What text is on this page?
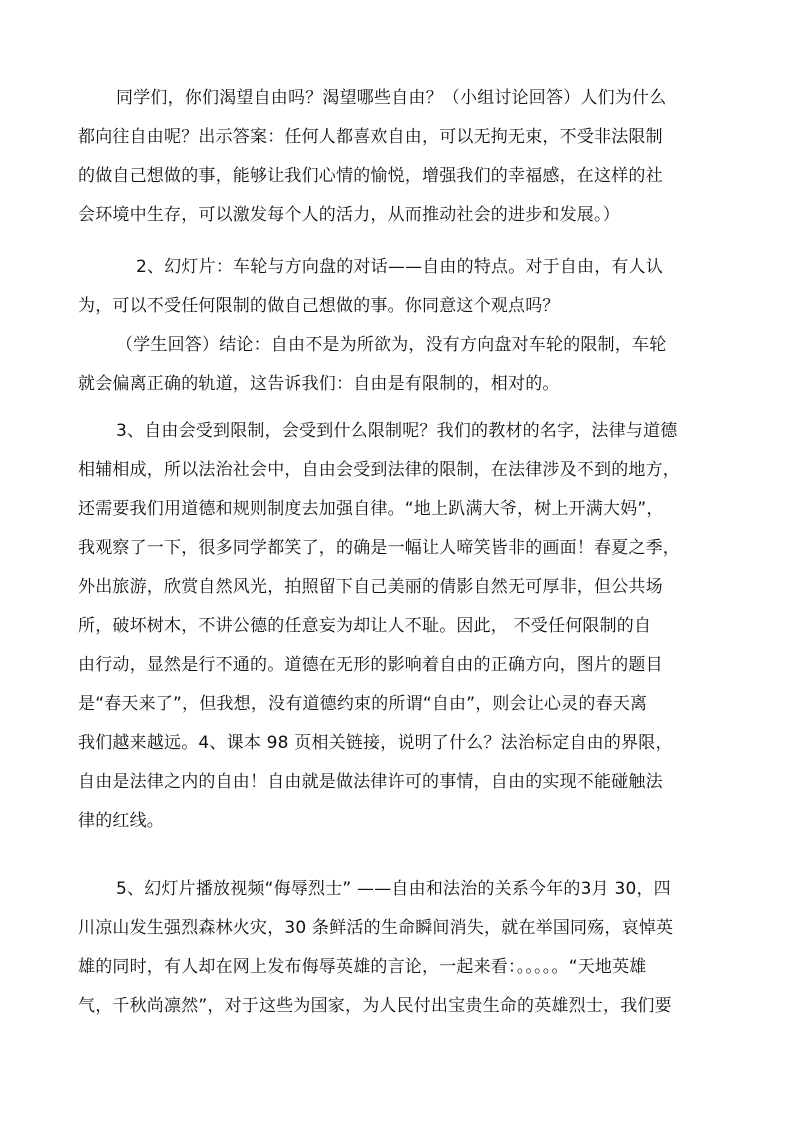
同学们，你们渴望自由吗？渴望哪些自由？（小组讨论回答）人们为什么
都向往自由呢？出示答案：任何人都喜欢自由，可以无拘无束，不受非法限制
的做自己想做的事，能够让我们心情的愉悦，增强我们的幸福感，在这样的社
会环境中生存，可以激发每个人的活力，从而推动社会的进步和发展。）
2、幻灯片：车轮与方向盘的对话——自由的特点。对于自由，有人认
为，可以不受任何限制的做自己想做的事。你同意这个观点吗？
（学生回答）结论：自由不是为所欲为，没有方向盘对车轮的限制，车轮
就会偏离正确的轨道，这告诉我们：自由是有限制的，相对的。
3、自由会受到限制，会受到什么限制呢？我们的教材的名字，法律与道德
相辅相成，所以法治社会中，自由会受到法律的限制，在法律涉及不到的地方，
还需要我们用道德和规则制度去加强自律。“地上趴满大爷，树上开满大妈”，
我观察了一下，很多同学都笑了，的确是一幅让人啼笑皆非的画面！春夏之季，
外出旅游，欣赏自然风光，拍照留下自己美丽的倩影自然无可厚非，但公共场
所，破坏树木，不讲公德的任意妄为却让人不耻。因此， 不受任何限制的自
由行动，显然是行不通的。道德在无形的影响着自由的正确方向，图片的题目
是“春天来了”，但我想，没有道德约束的所谓“自由”，则会让心灵的春天离
我们越来越远。4、课本 98 页相关链接，说明了什么？法治标定自由的界限，
自由是法律之内的自由！自由就是做法律许可的事情，自由的实现不能碰触法
律的红线。
5、幻灯片播放视频“侮辱烈士” ——自由和法治的关系今年的3月 30，四
川凉山发生强烈森林火灾，30 条鲜活的生命瞬间消失，就在举国同殇，哀悼英
雄的同时，有人却在网上发布侮辱英雄的言论，一起来看：。。。。。“天地英雄
气，千秋尚凛然”，对于这些为国家，为人民付出宝贵生命的英雄烈士，我们要
